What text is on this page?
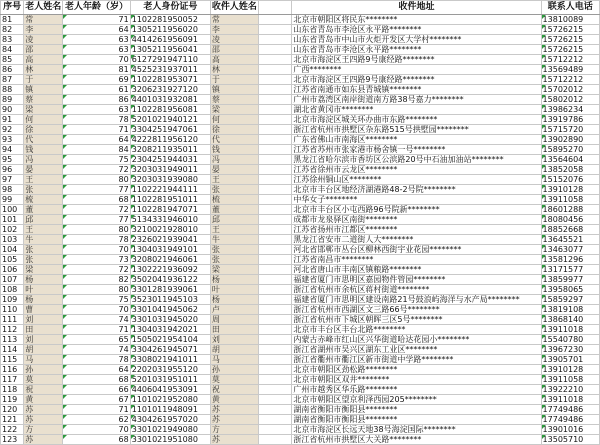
序号	老人姓名	老人年龄（岁）	老人身份证号	收件人姓名		收件地址	联系人电话
81	常	71	1102281950052	常		北京市朝阳区将民东********	13810089
82	李	64	1305211956020	李		山东省青岛市李沧区永平路********	15726215
83	凌	63	4414261956091	凌		山东省青岛市中山市火炬开发区大学村********	15726215
84	邵	63	1305211956041	邵		山东省青岛市李沧区永平路********	15726215
85	高	70	6127291947110	高		北京市海淀区王四路9号康经路********	15712212
86	林	81	4525231937011	林		广西********	13569489
87	于	69	1102281953071	于		北京市海淀区王四路9号康经路********	15712212
88	镇	61	3206231927120	镇		江苏省南通市如东县青城镇********	15702012
89	蔡	86	4401031932081	蔡		广州市荔湾区南岸街道南方路38号嘉力********	15802012
90	梁	63	1102281956081	梁		湖北省黄冈市********	13986234
91	何	78	5201021940121	何		北京市海淀区城关环办曲市东路********	13919786
92	徐	71	3304251947061	徐		浙江省杭州市拱墅区杂东路515号拱墅园********	15715720
93	代	64	4222811956120	代		广东省佛山市南海区********	13902890
94	钱	84	3208211935011	钱		江苏省苏州市张家港市杨舍镇一号********	15895270
95	冯	75	2304251944031	冯		黑龙江省哈尔滨市香坊区公滨路20号中石油加油站********	13564604
96	晏	72	3203031949011	晏		江苏省徐州市云龙区********	13852058
97	王	80	3203031939080	王		江苏徐州铜山区********	15152076
98	张	77	1102221944111	张		北京市丰台区地经济湖港路48-2号院********	13910128
99	梳	68	1102281951011	梳		中华女子********	13911058
100	董	72	1102281947071	董		北京市丰台区小屯西路96号院新********	18601288
101	邱	77	5134331946010	邱		成都市龙泉驿区南街********	18080456
102	王	80	3210021928010	王		江苏省扬州市江都区********	18852668
103	牛	78	2326021939041	牛		黑龙江省安市二道街人大********	13645521
104	张	70	1304031949101	张		河北省邯郸市丛台区柳林西街宇业花园********	13463077
105	张	73	3208021946061	张		江苏省南昌市********	13581296
106	梁	72	1302221936092	梁		河北省唐山市丰南区镇粮路********	13171577
107	杨	82	3502041936122	杨		福建省厦门市思明区嘉园物件管园********	13859977
108	叶	80	3301281939061	叶		浙江省杭州市余杭区蒋村街道********	13958065
109	杨	75	3523011945103	杨		福建省厦门市思明区建设南路21号鼓浪屿海洋与水产局********	15859297
110	曹	70	3301041945062	卢		浙江省杭州市西湖区文三路66号********	13819108
111	刘	74	3301031945020	周		浙江省杭州市下城区朝晖三区5号********	13868140
112	田	71	1304031942021	田		北京市丰台区丰台北路********	13911018
113	刘	65	1505021954104	刘		内蒙古赤峰市红山区兴华街道哈达花园小********	15540780
114	胡	74	3304261945071	胡		浙江省湖州市吴兴区湖东工业区********	13967230
115	马	78	3308021941011	马		浙江省衢州市衢江区新市街道中学路********	13905701
116	孙	64	2202031955120	孙		北京市朝阳区劲松路********	13910128
117	莫	68	5201031951011	莫		北京市朝阳区双井********	13911058
118	祝	66	4406041953091	祝		广州市越秀区华乐路********	13922210
119	黄	67	1101021952080	黄		北京市朝阳区望京利泽西园205********	13911018
120	苏	71	1101011948091	苏		湖南省衡阳市衡阳县********	17749486
121	苏	62	4304261957020	苏		湖南省衡阳市衡阳县********	17749486
122	方	70	3301021949080	方		北京市海淀区长远天地38号海淀国际********	13901016
123	苏	68	3301021951080	苏		浙江省杭州市拱墅区大关路********	13505710
